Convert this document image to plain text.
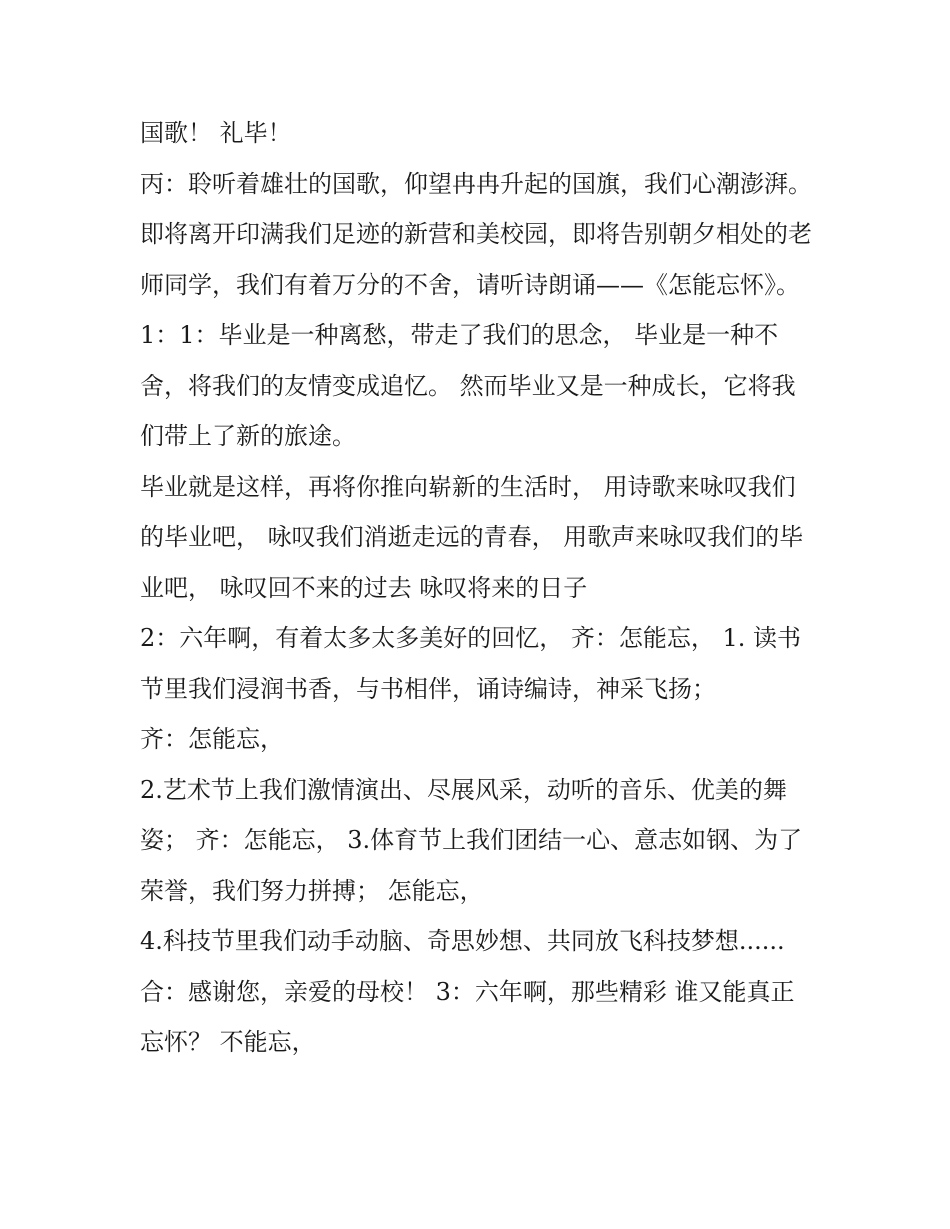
国歌！ 礼毕！

丙：聆听着雄壮的国歌，仰望冉冉升起的国旗，我们心潮澎湃。即将离开印满我们足迹的新营和美校园，即将告别朝夕相处的老师同学，我们有着万分的不舍，请听诗朗诵——《怎能忘怀》。

1：1：毕业是一种离愁，带走了我们的思念， 毕业是一种不舍，将我们的友情变成追忆。 然而毕业又是一种成长，它将我们带上了新的旅途。

毕业就是这样，再将你推向崭新的生活时， 用诗歌来咏叹我们的毕业吧， 咏叹我们消逝走远的青春， 用歌声来咏叹我们的毕业吧， 咏叹回不来的过去 咏叹将来的日子

2：六年啊，有着太多太多美好的回忆， 齐：怎能忘， 1. 读书节里我们浸润书香，与书相伴，诵诗编诗，神采飞扬；

齐：怎能忘，

2.艺术节上我们激情演出、尽展风采，动听的音乐、优美的舞姿； 齐：怎能忘， 3.体育节上我们团结一心、意志如钢、为了荣誉，我们努力拼搏； 怎能忘，

4.科技节里我们动手动脑、奇思妙想、共同放飞科技梦想......合：感谢您，亲爱的母校！ 3：六年啊，那些精彩 谁又能真正忘怀？ 不能忘，
